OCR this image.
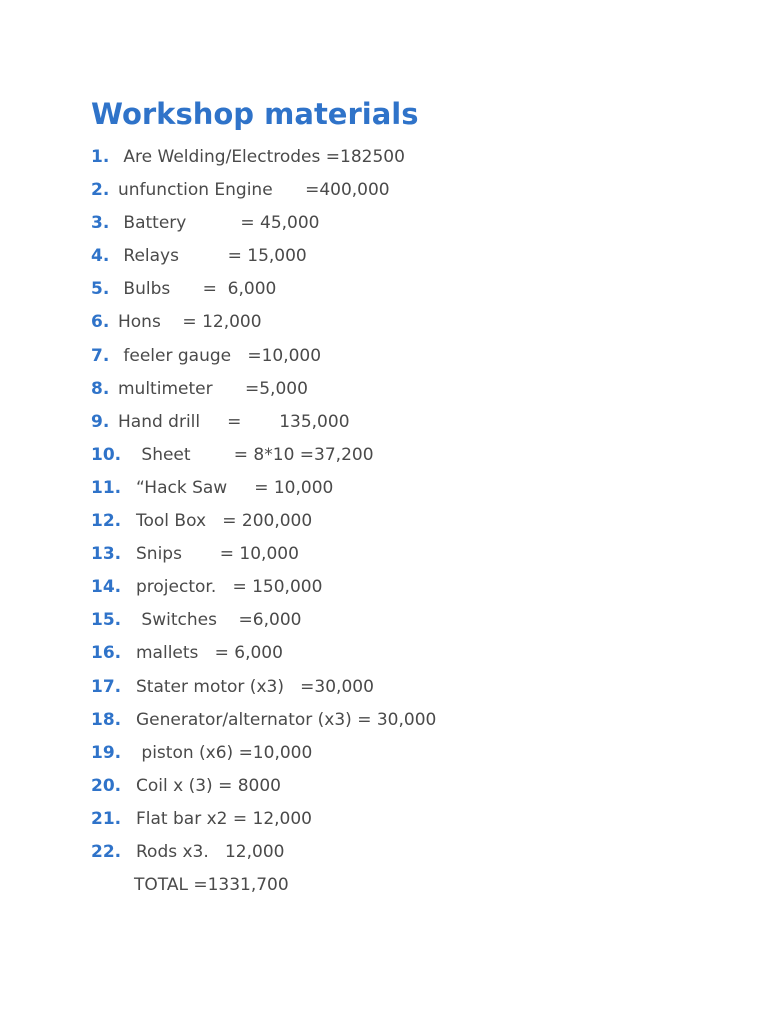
Workshop materials

1.

Are Welding/Electrodes =182500

2.

unfunction Engine      =400,000

3.

Battery          = 45,000

4.

Relays         = 15,000

5.

Bulbs      =  6,000

6.

Hons    = 12,000

7.

feeler gauge   =10,000

8.

multimeter      =5,000

9.

Hand drill     =       135,000

10.

Sheet        = 8*10 =37,200

11.

“Hack Saw     = 10,000

12.

Tool Box   = 200,000

13.

Snips       = 10,000

14.

projector.   = 150,000

15.

Switches    =6,000

16.

mallets   = 6,000

17.

Stater motor (x3)   =30,000

18.

Generator/alternator (x3) = 30,000

19.

piston (x6) =10,000

20.

Coil x (3) = 8000

21.

Flat bar x2 = 12,000

22.

Rods x3.   12,000

TOTAL =1331,700
